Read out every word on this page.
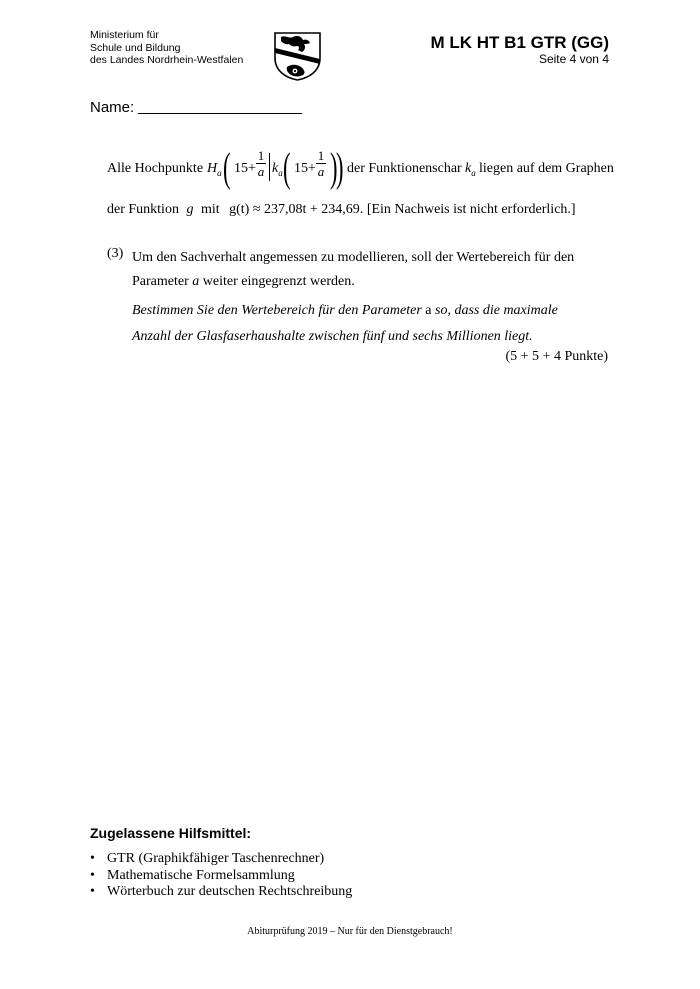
Ministerium für
Schule und Bildung
des Landes Nordrhein-Westfalen
M LK HT B1 GTR (GG)
Seite 4 von 4
Name:
Alle Hochpunkte $H_a$ ( $15+ \frac{1}{a} k_a$ ( $15+ \frac{1}{a}$ )
) der Funktionenschar $k_a$ liegen auf dem Graphen
der Funktion g mit g(t) ≈ 237,08t + 234,69. [Ein Nachweis ist nicht erforderlich.]
(3) Um den Sachverhalt angemessen zu modellieren, soll der Wertebereich für den
Parameter a weiter eingegrenzt werden.
Bestimmen Sie den Wertebereich für den Parameter a so, dass die maximale
Anzahl der Glasfaserhaushalte zwischen fünf und sechs Millionen liegt.
(5 + 5 + 4 Punkte)
Zugelassene Hilfsmittel:
• GTR (Graphikfähiger Taschenrechner)
• Mathematische Formelsammlung
• Wörterbuch zur deutschen Rechtschreibung
Abiturprüfung 2019 – Nur für den Dienstgebrauch!
